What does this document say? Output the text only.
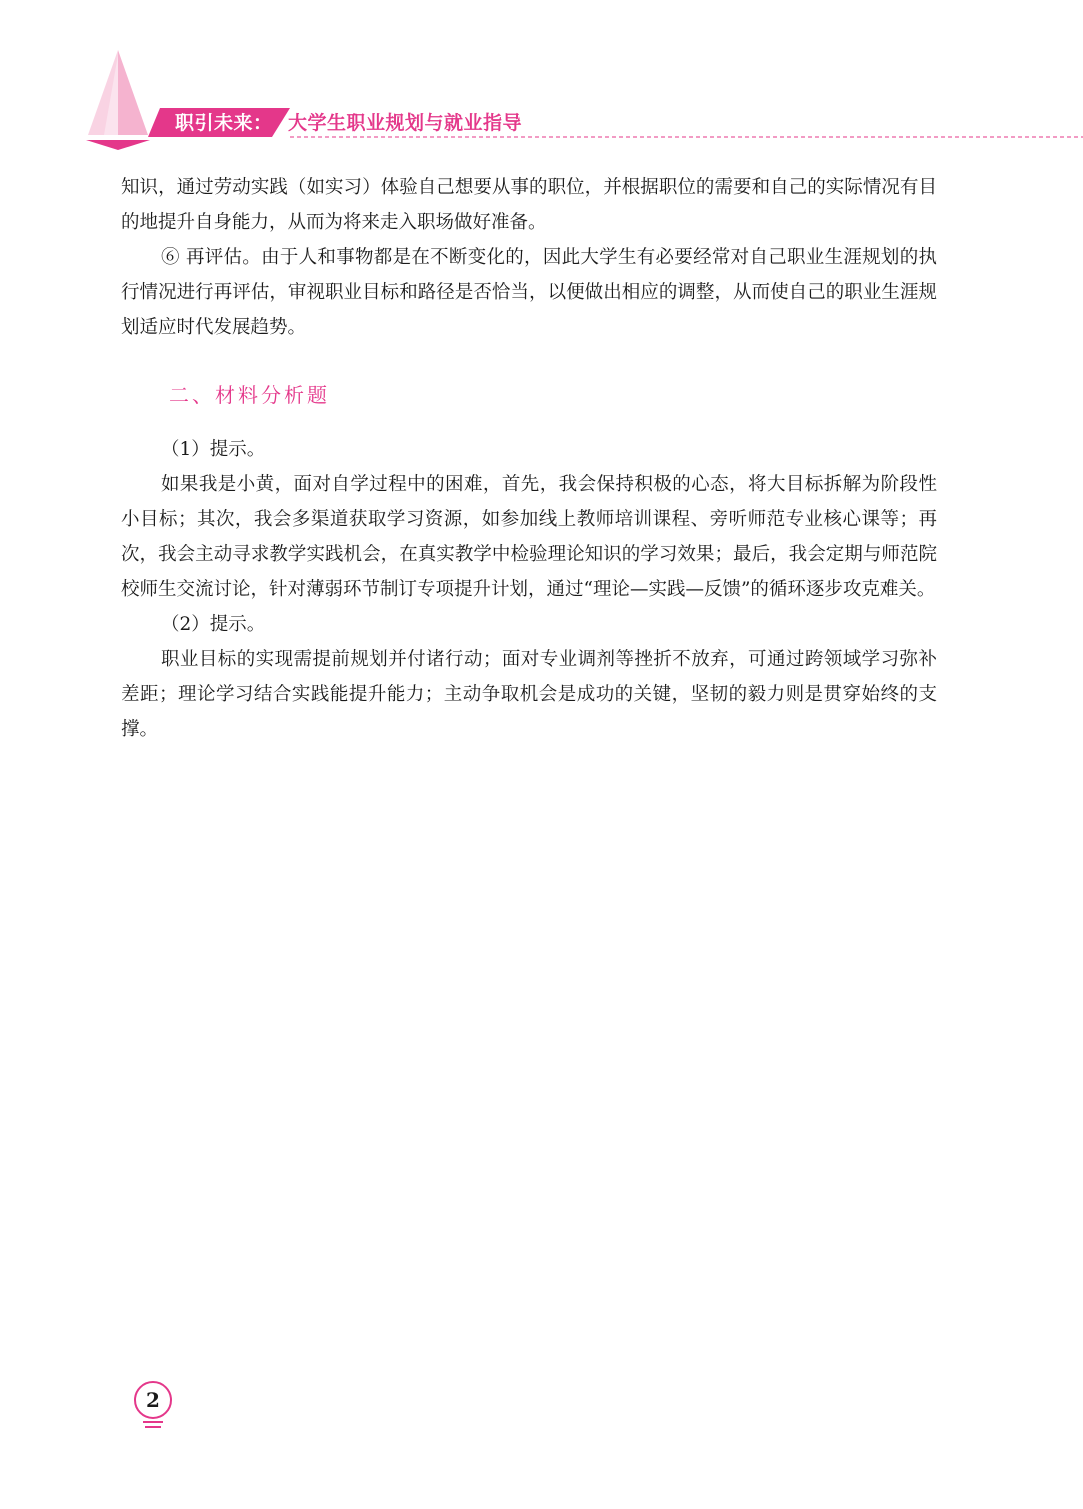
职引未来： 大学生职业规划与就业指导

知识，通过劳动实践（如实习）体验自己想要从事的职位，并根据职位的需要和自己的实际情况有目的地提升自身能力，从而为将来走入职场做好准备。

⑥ 再评估。由于人和事物都是在不断变化的，因此大学生有必要经常对自己职业生涯规划的执行情况进行再评估，审视职业目标和路径是否恰当，以便做出相应的调整，从而使自己的职业生涯规划适应时代发展趋势。

二、材料分析题

（1）提示。

如果我是小黄，面对自学过程中的困难，首先，我会保持积极的心态，将大目标拆解为阶段性小目标；其次，我会多渠道获取学习资源，如参加线上教师培训课程、旁听师范专业核心课等；再次，我会主动寻求教学实践机会，在真实教学中检验理论知识的学习效果；最后，我会定期与师范院校师生交流讨论，针对薄弱环节制订专项提升计划，通过“理论—实践—反馈”的循环逐步攻克难关。

（2）提示。

职业目标的实现需提前规划并付诸行动；面对专业调剂等挫折不放弃，可通过跨领域学习弥补差距；理论学习结合实践能提升能力；主动争取机会是成功的关键，坚韧的毅力则是贯穿始终的支撑。

2
